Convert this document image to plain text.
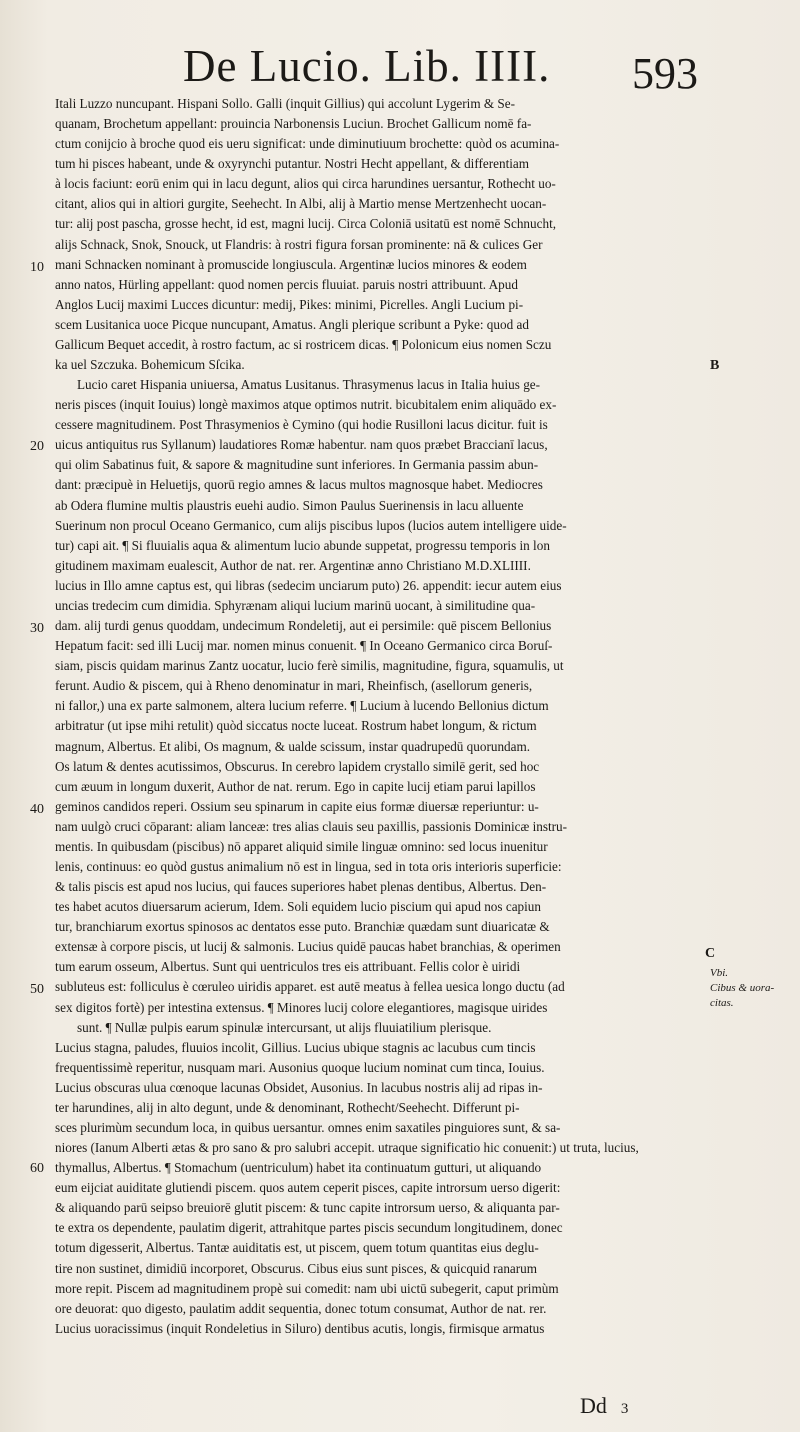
De Lucio. Lib. IIII. 593
10
20
30
40
50
60
Itali Luzzo nuncupant. Hispani Sollo. Galli (inquit Gillius) qui accolunt Lygerim & Se-
quanam, Brochetum appellant: prouincia Narbonensis Luciun. Brochet Gallicum nomē fa-
ctum conijcio à broche quod eis ueru significat: unde diminutiuum brochette: quòd os acumina-
tum hi pisces habeant, unde & oxyrynchi putantur. Nostri Hecht appellant, & differentiam
à locis faciunt: eorū enim qui in lacu degunt, alios qui circa harundines uersantur, Rothecht uo-
citant, alios qui in altiori gurgite, Seehecht. In Albi, alij à Martio mense Mertzenhecht uocan-
tur: alij post pascha, grosse hecht, id est, magni lucij. Circa Coloniā usitatū est nomē Schnucht,
alijs Schnack, Snok, Snouck, ut Flandris: à rostri figura forsan prominente: nā & culices Ger
mani Schnacken nominant à promuscide longiuscula. Argentinæ lucios minores & eodem
anno natos, Hürling appellant: quod nomen percis fluuiat. paruis nostri attribuunt. Apud
Anglos Lucij maximi Lucces dicuntur: medij, Pikes: minimi, Picrelles. Angli Lucium pi-
scem Lusitanica uoce Picque nuncupant, Amatus. Angli plerique scribunt a Pyke: quod ad
Gallicum Bequet accedit, à rostro factum, ac si rostricem dicas. ¶ Polonicum eius nomen Sczu
ka uel Szczuka. Bohemicum Sſcika.
Lucio caret Hispania uniuersa, Amatus Lusitanus. Thrasymenus lacus in Italia huius ge-
neris pisces (inquit Iouius) longè maximos atque optimos nutrit. bicubitalem enim aliquādo ex-
cessere magnitudinem. Post Thrasymenios è Cymino (qui hodie Rusilloni lacus dicitur. fuit is
uicus antiquitus rus Syllanum) laudatiores Romæ habentur. nam quos præbet Braccianī lacus,
qui olim Sabatinus fuit, & sapore & magnitudine sunt inferiores. In Germania passim abun-
dant: præcipuè in Heluetijs, quorū regio amnes & lacus multos magnosque habet. Mediocres
ab Odera flumine multis plaustris euehi audio. Simon Paulus Suerinensis in lacu alluente
Suerinum non procul Oceano Germanico, cum alijs piscibus lupos (lucios autem intelligere uide-
tur) capi ait. ¶ Si fluuialis aqua & alimentum lucio abunde suppetat, progressu temporis in lon
gitudinem maximam eualescit, Author de nat. rer. Argentinæ anno Christiano M.D.XLIIII.
lucius in Illo amne captus est, qui libras (sedecim unciarum puto) 26. appendit: iecur autem eius
uncias tredecim cum dimidia. Sphyrænam aliqui lucium marinū uocant, à similitudine qua-
dam. alij turdi genus quoddam, undecimum Rondeletij, aut ei persimile: quē piscem Bellonius
Hepatum facit: sed illi Lucij mar. nomen minus conuenit. ¶ In Oceano Germanico circa Boruſ-
siam, piscis quidam marinus Zantz uocatur, lucio ferè similis, magnitudine, figura, squamulis, ut
ferunt. Audio & piscem, qui à Rheno denominatur in mari, Rheinfisch, (asellorum generis,
ni fallor,) una ex parte salmonem, altera lucium referre. ¶ Lucium à lucendo Bellonius dictum
arbitratur (ut ipse mihi retulit) quòd siccatus nocte luceat. Rostrum habet longum, & rictum
magnum, Albertus. Et alibi, Os magnum, & ualde scissum, instar quadrupedū quorundam.
Os latum & dentes acutissimos, Obscurus. In cerebro lapidem crystallo similē gerit, sed hoc
cum æuum in longum duxerit, Author de nat. rerum. Ego in capite lucij etiam parui lapillos
geminos candidos reperi. Ossium seu spinarum in capite eius formæ diuersæ reperiuntur: u-
nam uulgò cruci cōparant: aliam lanceæ: tres alias clauis seu paxillis, passionis Dominicæ instru-
mentis. In quibusdam (piscibus) nō apparet aliquid simile linguæ omnino: sed locus inuenitur
lenis, continuus: eo quòd gustus animalium nō est in lingua, sed in tota oris interioris superficie:
& talis piscis est apud nos lucius, qui fauces superiores habet plenas dentibus, Albertus. Den-
tes habet acutos diuersarum acierum, Idem. Soli equidem lucio piscium qui apud nos capiun
tur, branchiarum exortus spinosos ac dentatos esse puto. Branchiæ quædam sunt diuaricatæ &
extensæ à corpore piscis, ut lucij & salmonis. Lucius quidē paucas habet branchias, & operimen
tum earum osseum, Albertus. Sunt qui uentriculos tres eis attribuant. Fellis color è uiridi
subluteus est: folliculus è cœruleo uiridis apparet. est autē meatus à fellea uesica longo ductu (ad
sex digitos fortè) per intestina extensus. ¶ Minores lucij colore elegantiores, magisque uirides
sunt. ¶ Nullæ pulpis earum spinulæ intercursant, ut alijs fluuiatilium plerisque.
Lucius stagna, paludes, fluuios incolit, Gillius. Lucius ubique stagnis ac lacubus cum tincis
frequentissimè reperitur, nusquam mari. Ausonius quoque lucium nominat cum tinca, Iouius.
Lucius obscuras ulua cœnoque lacunas Obsidet, Ausonius. In lacubus nostris alij ad ripas in-
ter harundines, alij in alto degunt, unde & denominant, Rothecht/Seehecht. Differunt pi-
sces plurimùm secundum loca, in quibus uersantur. omnes enim saxatiles pinguiores sunt, & sa-
niores (Ianum Alberti ætas & pro sano & pro salubri accepit. utraque significatio hic conuenit:) ut truta, lucius,
thymallus, Albertus. ¶ Stomachum (uentriculum) habet ita continuatum gutturi, ut aliquando
eum eijciat auiditate glutiendi piscem. quos autem ceperit pisces, capite introrsum uerso digerit:
& aliquando parū seipso breuiorē glutit piscem: & tunc capite introrsum uerso, & aliquanta par-
te extra os dependente, paulatim digerit, attrahitque partes piscis secundum longitudinem, donec
totum digesserit, Albertus. Tantæ auiditatis est, ut piscem, quem totum quantitas eius deglu-
tire non sustinet, dimidiū incorporet, Obscurus. Cibus eius sunt pisces, & quicquid ranarum
more repit. Piscem ad magnitudinem propè sui comedit: nam ubi uictū subegerit, caput primùm
ore deuorat: quo digesto, paulatim addit sequentia, donec totum consumat, Author de nat. rer.
Lucius uoracissimus (inquit Rondeletius in Siluro) dentibus acutis, longis, firmisque armatus
B
C
Vbi.
Cibus & uora-
citas.
Dd 3
